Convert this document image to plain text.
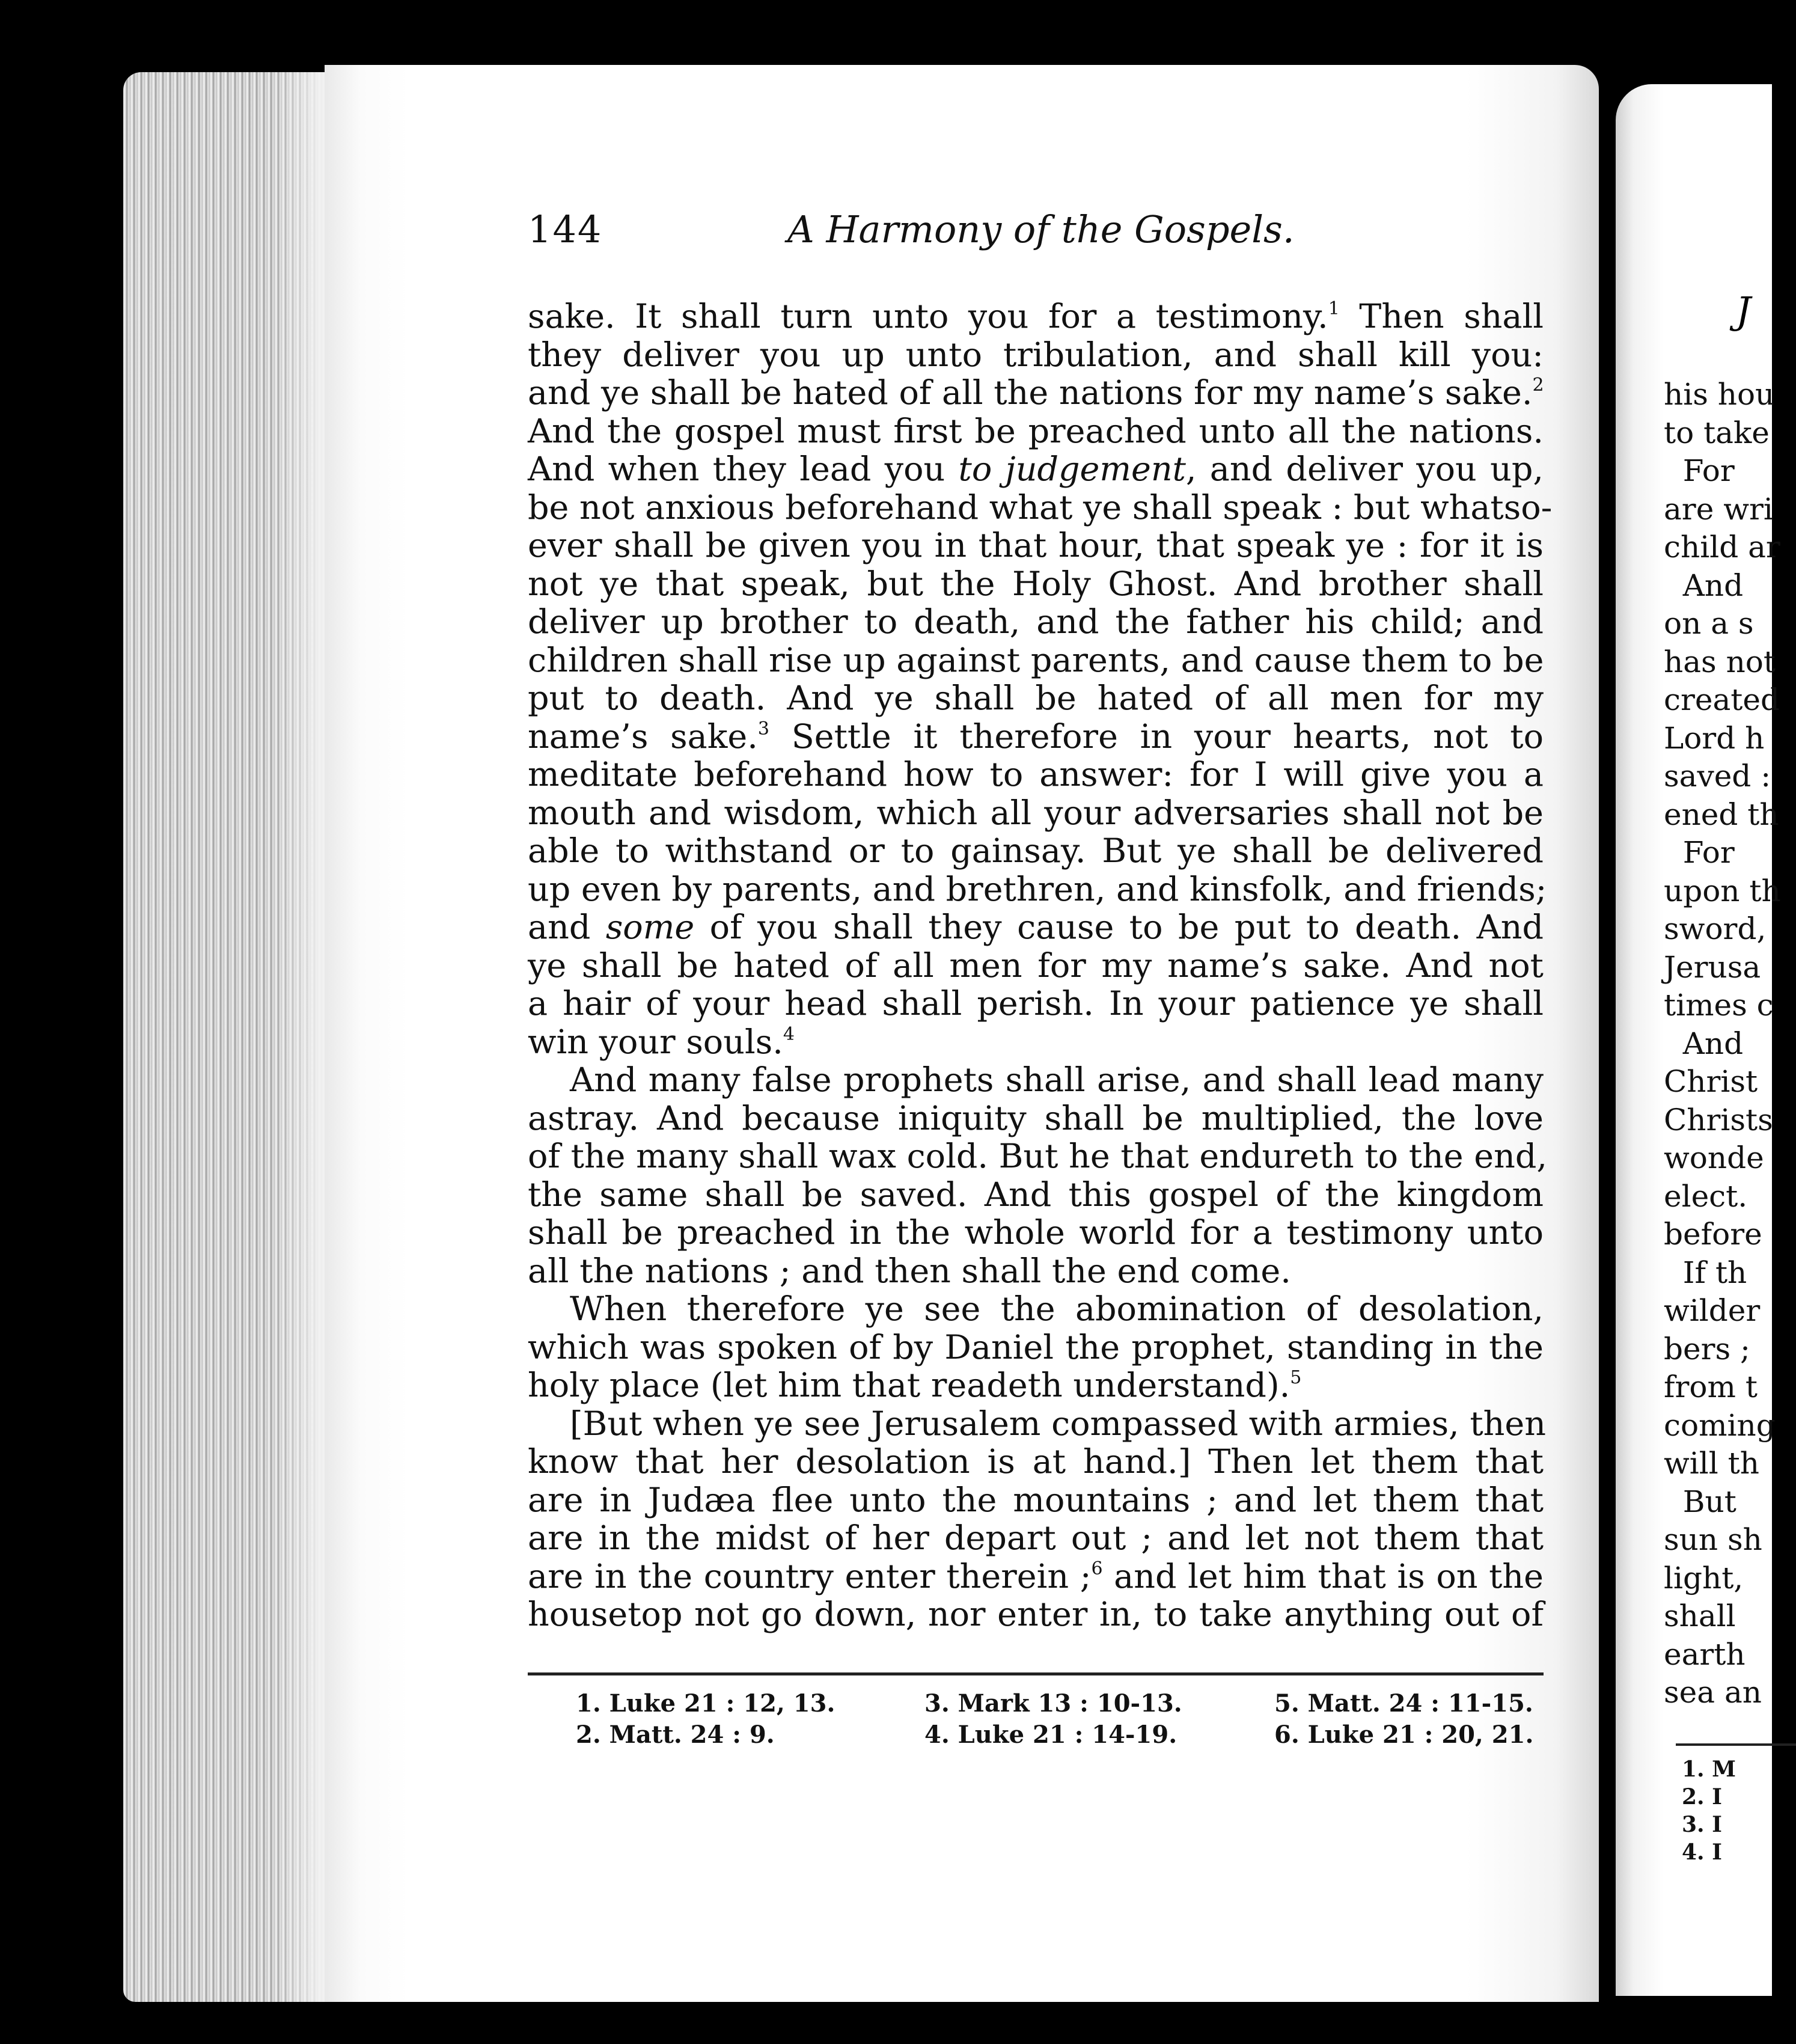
144	A Harmony of the Gospels.
sake. It shall turn unto you for a testimony.$^1$ Then shall
they deliver you up unto tribulation, and shall kill you:
and ye shall be hated of all the nations for my name’s sake.$^2$
And the gospel must first be preached unto all the nations.
And when they lead you to judgement, and deliver you up,
be not anxious beforehand what ye shall speak : but whatso-
ever shall be given you in that hour, that speak ye : for it is
not ye that speak, but the Holy Ghost. And brother shall
deliver up brother to death, and the father his child; and
children shall rise up against parents, and cause them to be
put to death. And ye shall be hated of all men for my
name’s sake.$^3$ Settle it therefore in your hearts, not to
meditate beforehand how to answer: for I will give you a
mouth and wisdom, which all your adversaries shall not be
able to withstand or to gainsay. But ye shall be delivered
up even by parents, and brethren, and kinsfolk, and friends;
and some of you shall they cause to be put to death. And
ye shall be hated of all men for my name’s sake. And not
a hair of your head shall perish. In your patience ye shall
win your souls.$^4$
And many false prophets shall arise, and shall lead many
astray. And because iniquity shall be multiplied, the love
of the many shall wax cold. But he that endureth to the end,
the same shall be saved. And this gospel of the kingdom
shall be preached in the whole world for a testimony unto
all the nations ; and then shall the end come.
When therefore ye see the abomination of desolation,
which was spoken of by Daniel the prophet, standing in the
holy place (let him that readeth understand).$^5$
[But when ye see Jerusalem compassed with armies, then
know that her desolation is at hand.] Then let them that
are in Judæa flee unto the mountains ; and let them that
are in the midst of her depart out ; and let not them that
are in the country enter therein ;$^6$ and let him that is on the
housetop not go down, nor enter in, to take anything out of
1. Luke 21 : 12, 13.
2. Matt. 24 : 9.
3. Mark 13 : 10-13.
4. Luke 21 : 14-19.
5. Matt. 24 : 11-15.
6. Luke 21 : 20, 21.
J
his hou
to take
For
are wri
child ar
And
on a s
has not
created
Lord h
saved :
ened th
For
upon th
sword,
Jerusa
times c
And
Christ
Christs
wonde
elect.
before
If th
wilder
bers ;
from t
coming
will th
But
sun sh
light,
shall
earth
sea an
1. M
2. I
3. I
4. I
